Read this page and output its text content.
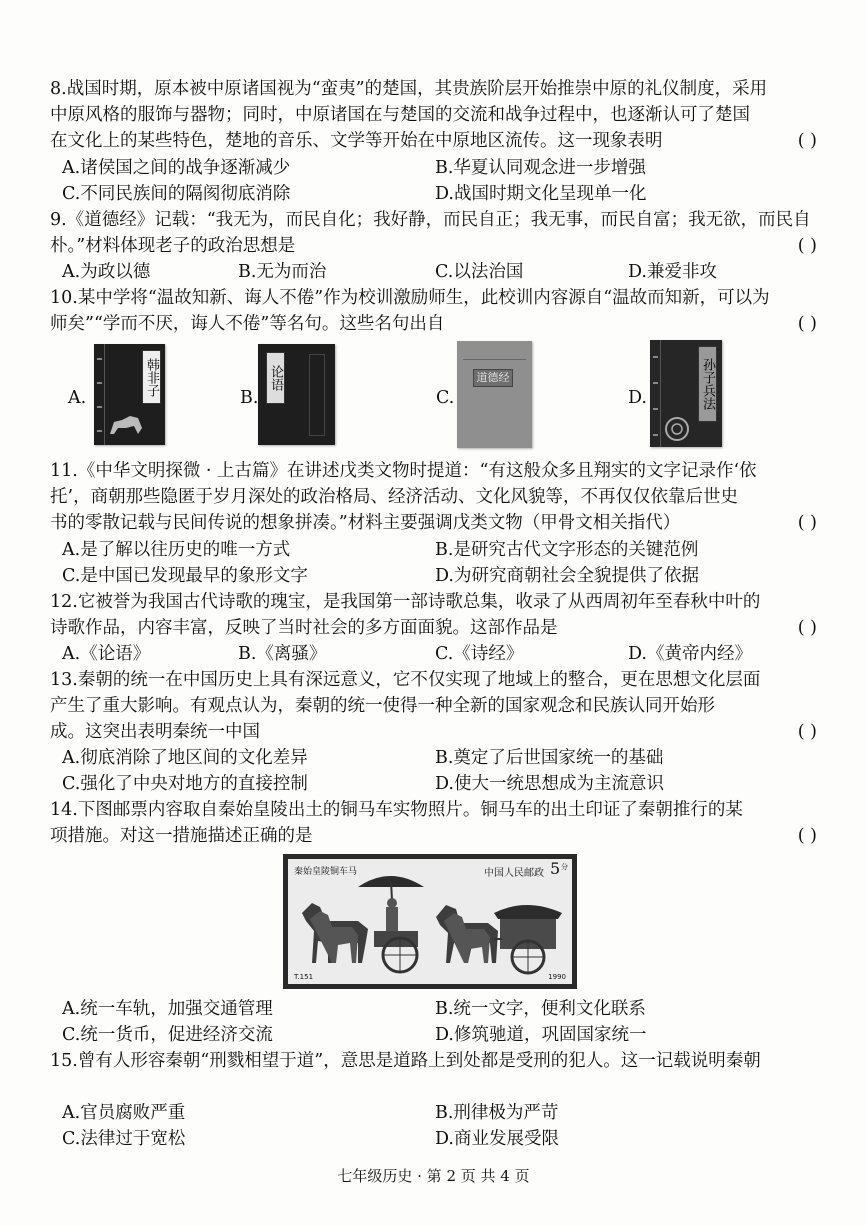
8.战国时期，原本被中原诸国视为“蛮夷”的楚国，其贵族阶层开始推崇中原的礼仪制度，采用
中原风格的服饰与器物；同时，中原诸国在与楚国的交流和战争过程中，也逐渐认可了楚国
在文化上的某些特色，楚地的音乐、文学等开始在中原地区流传。这一现象表明	( )
A.诸侯国之间的战争逐渐减少	B.华夏认同观念进一步增强
C.不同民族间的隔阂彻底消除	D.战国时期文化呈现单一化
9.《道德经》记载：“我无为，而民自化；我好静，而民自正；我无事，而民自富；我无欲，而民自
朴。”材料体现老子的政治思想是	( )
A.为政以德	B.无为而治	C.以法治国	D.兼爱非攻
10.某中学将“温故知新、诲人不倦”作为校训激励师生，此校训内容源自“温故而知新，可以为
师矣”“学而不厌，诲人不倦”等名句。这些名句出自	( )
A.
韩非子
B.
论语
C.
道德经
D.	孙子兵法
11.《中华文明探微 · 上古篇》在讲述戊类文物时提道：“有这般众多且翔实的文字记录作‘依
托’，商朝那些隐匿于岁月深处的政治格局、经济活动、文化风貌等，不再仅仅依靠后世史
书的零散记载与民间传说的想象拼凑。”材料主要强调戊类文物（甲骨文相关指代）	( )
A.是了解以往历史的唯一方式	B.是研究古代文字形态的关键范例
C.是中国已发现最早的象形文字	D.为研究商朝社会全貌提供了依据
12.它被誉为我国古代诗歌的瑰宝，是我国第一部诗歌总集，收录了从西周初年至春秋中叶的
诗歌作品，内容丰富，反映了当时社会的多方面面貌。这部作品是	( )
A.《论语》	B.《离骚》	C.《诗经》	D.《黄帝内经》
13.秦朝的统一在中国历史上具有深远意义，它不仅实现了地域上的整合，更在思想文化层面
产生了重大影响。有观点认为，秦朝的统一使得一种全新的国家观念和民族认同开始形
成。这突出表明秦统一中国	( )
A.彻底消除了地区间的文化差异	B.奠定了后世国家统一的基础
C.强化了中央对地方的直接控制	D.使大一统思想成为主流意识
14.下图邮票内容取自秦始皇陵出土的铜马车实物照片。铜马车的出土印证了秦朝推行的某
项措施。对这一措施描述正确的是	( )
秦始皇陵铜车马	中国人民邮政 5 分
T.151	1990
A.统一车轨，加强交通管理	B.统一文字，便利文化联系
C.统一货币，促进经济交流	D.修筑驰道，巩固国家统一
15.曾有人形容秦朝“刑戮相望于道”，意思是道路上到处都是受刑的犯人。这一记载说明秦朝
A.官员腐败严重	B.刑律极为严苛
C.法律过于宽松	D.商业发展受限
七年级历史 · 第 2 页 共 4 页
